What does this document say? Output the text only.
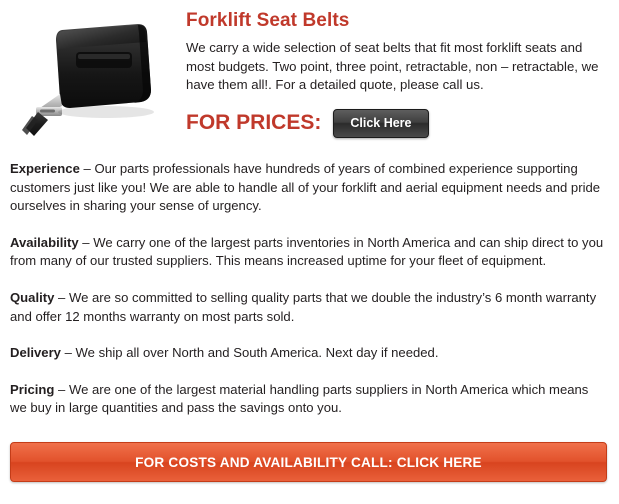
Forklift Seat Belts

We carry a wide selection of seat belts that fit most forklift seats and most budgets. Two point, three point, retractable, non – retractable, we have them all!. For a detailed quote, please call us.

FOR PRICES:	Click Here

Experience – Our parts professionals have hundreds of years of combined experience supporting customers just like you! We are able to handle all of your forklift and aerial equipment needs and pride ourselves in sharing your sense of urgency.

Availability – We carry one of the largest parts inventories in North America and can ship direct to you from many of our trusted suppliers. This means increased uptime for your fleet of equipment.

Quality – We are so committed to selling quality parts that we double the industry’s 6 month warranty and offer 12 months warranty on most parts sold.

Delivery – We ship all over North and South America. Next day if needed.

Pricing – We are one of the largest material handling parts suppliers in North America which means we buy in large quantities and pass the savings onto you.

FOR COSTS AND AVAILABILITY CALL: CLICK HERE
